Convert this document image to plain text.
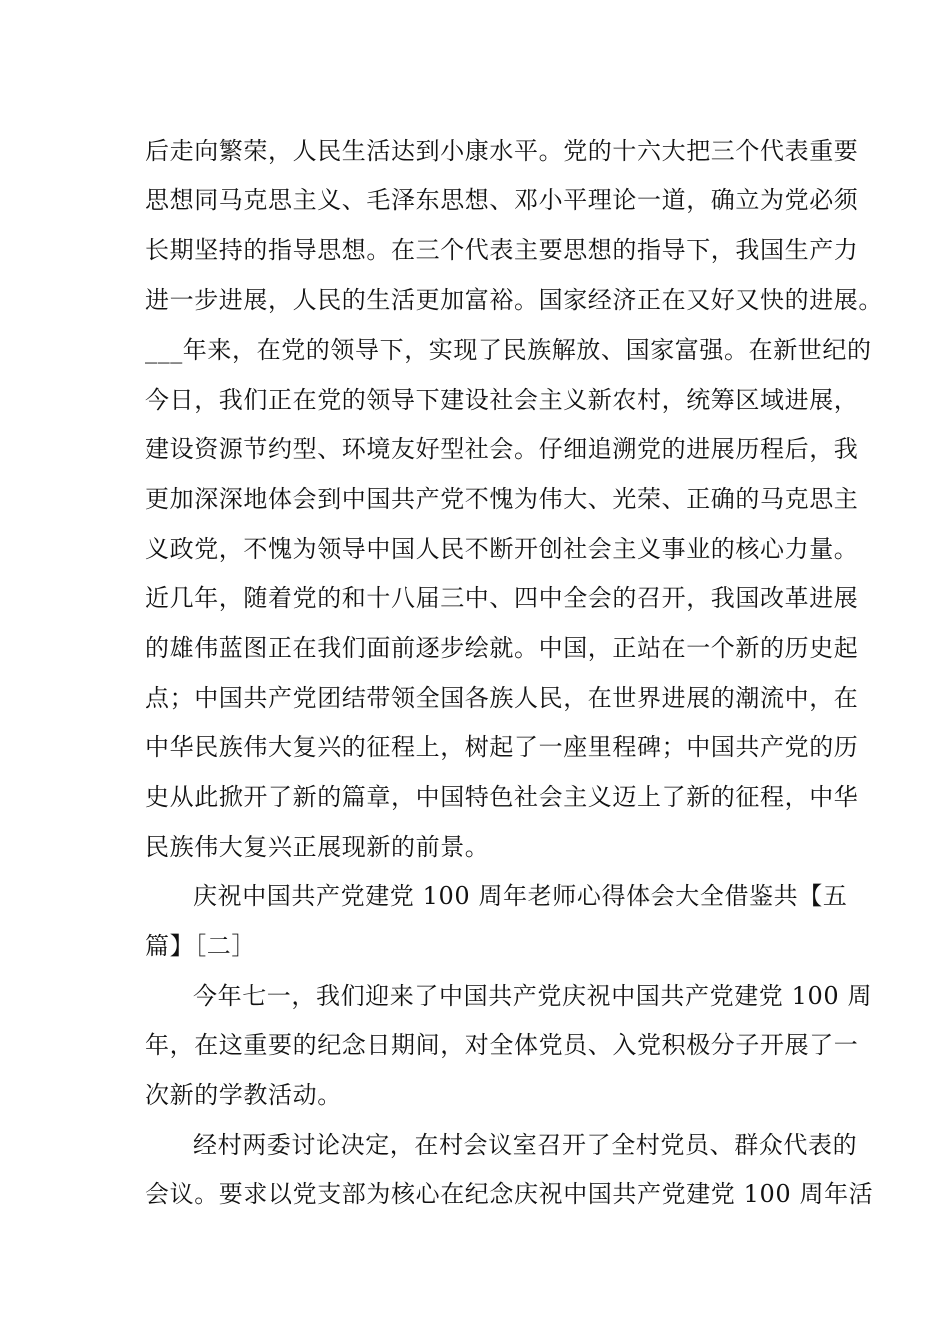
后走向繁荣，人民生活达到小康水平。党的十六大把三个代表重要
思想同马克思主义、毛泽东思想、邓小平理论一道，确立为党必须
长期坚持的指导思想。在三个代表主要思想的指导下，我国生产力
进一步进展，人民的生活更加富裕。国家经济正在又好又快的进展。
___年来，在党的领导下，实现了民族解放、国家富强。在新世纪的
今日，我们正在党的领导下建设社会主义新农村，统筹区域进展，
建设资源节约型、环境友好型社会。仔细追溯党的进展历程后，我
更加深深地体会到中国共产党不愧为伟大、光荣、正确的马克思主
义政党，不愧为领导中国人民不断开创社会主义事业的核心力量。
近几年，随着党的和十八届三中、四中全会的召开，我国改革进展
的雄伟蓝图正在我们面前逐步绘就。中国，正站在一个新的历史起
点；中国共产党团结带领全国各族人民，在世界进展的潮流中，在
中华民族伟大复兴的征程上，树起了一座里程碑；中国共产党的历
史从此掀开了新的篇章，中国特色社会主义迈上了新的征程，中华
民族伟大复兴正展现新的前景。
庆祝中国共产党建党 100 周年老师心得体会大全借鉴共【五
篇】［二］
今年七一，我们迎来了中国共产党庆祝中国共产党建党 100 周
年，在这重要的纪念日期间，对全体党员、入党积极分子开展了一
次新的学教活动。
经村两委讨论决定，在村会议室召开了全村党员、群众代表的
会议。要求以党支部为核心在纪念庆祝中国共产党建党 100 周年活
